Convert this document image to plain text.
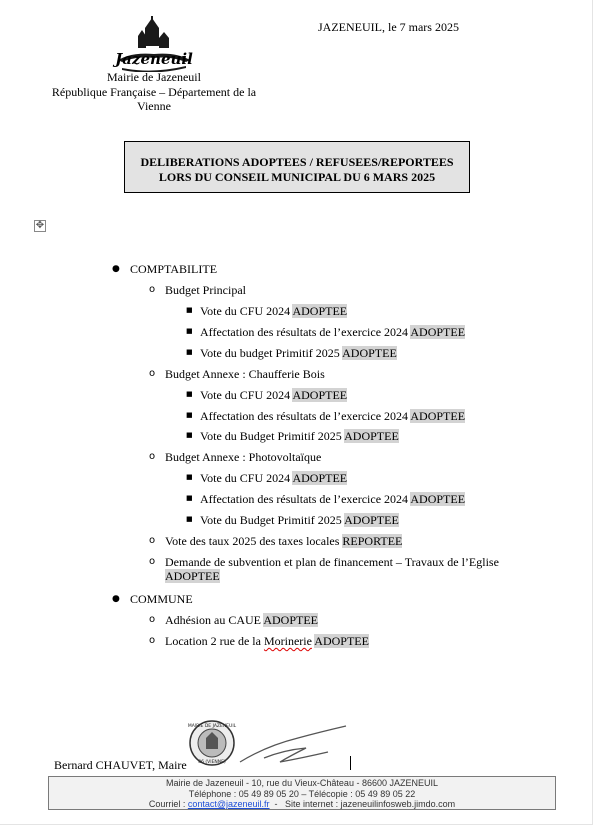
Jazeneuil
Mairie de Jazeneuil
République Française – Département de la
Vienne
JAZENEUIL, le 7 mars 2025
DELIBERATIONS ADOPTEES / REFUSEES/REPORTEES
LORS DU CONSEIL MUNICIPAL DU 6 MARS 2025
✥
● COMPTABILITE
o Budget Principal
■ Vote du CFU 2024 ADOPTEE
■ Affectation des résultats de l’exercice 2024 ADOPTEE
■ Vote du budget Primitif 2025 ADOPTEE
o Budget Annexe : Chaufferie Bois
■ Vote du CFU 2024 ADOPTEE
■ Affectation des résultats de l’exercice 2024 ADOPTEE
■ Vote du Budget Primitif 2025 ADOPTEE
o Budget Annexe : Photovoltaïque
■ Vote du CFU 2024 ADOPTEE
■ Affectation des résultats de l’exercice 2024 ADOPTEE
■ Vote du Budget Primitif 2025 ADOPTEE
o Vote des taux 2025 des taxes locales REPORTEE
o Demande de subvention et plan de financement – Travaux de l’Eglise
ADOPTEE
● COMMUNE
o Adhésion au CAUE ADOPTEE
o Location 2 rue de la Morinerie ADOPTEE
MAIRIE DE JAZENEUIL
86 (VIENNE)
Bernard CHAUVET, Maire
Mairie de Jazeneuil - 10, rue du Vieux-Château - 86600 JAZENEUIL
Téléphone : 05 49 89 05 20 – Télécopie : 05 49 89 05 22
Courriel : contact@jazeneuil.fr  -   Site internet : jazeneuilinfosweb.jimdo.com
